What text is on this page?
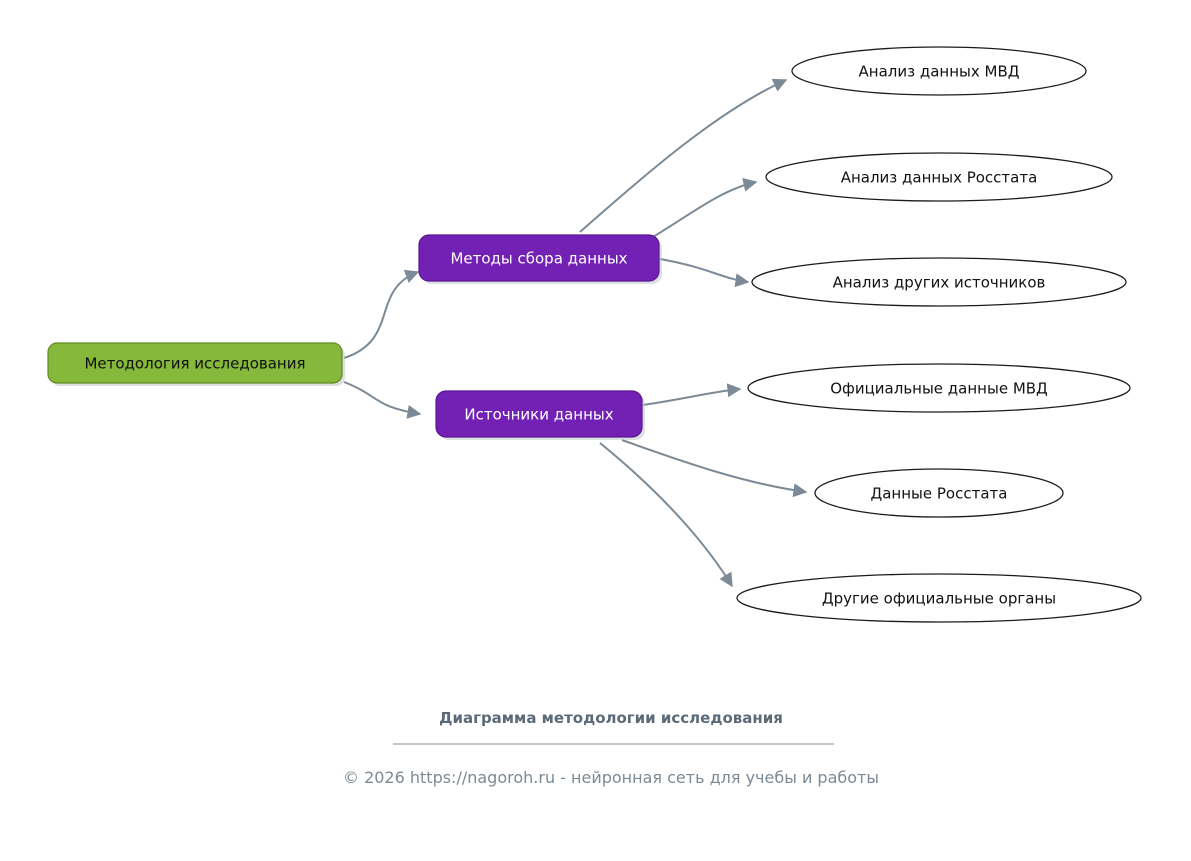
Методология исследования
Методы сбора данных
Анализ данных МВД
Анализ данных Росстата
Анализ других источников
Источники данных
Официальные данные МВД
Данные Росстата
Другие официальные органы
Диаграмма методологии исследования
© 2026 https://nagoroh.ru - нейронная сеть для учебы и работы
